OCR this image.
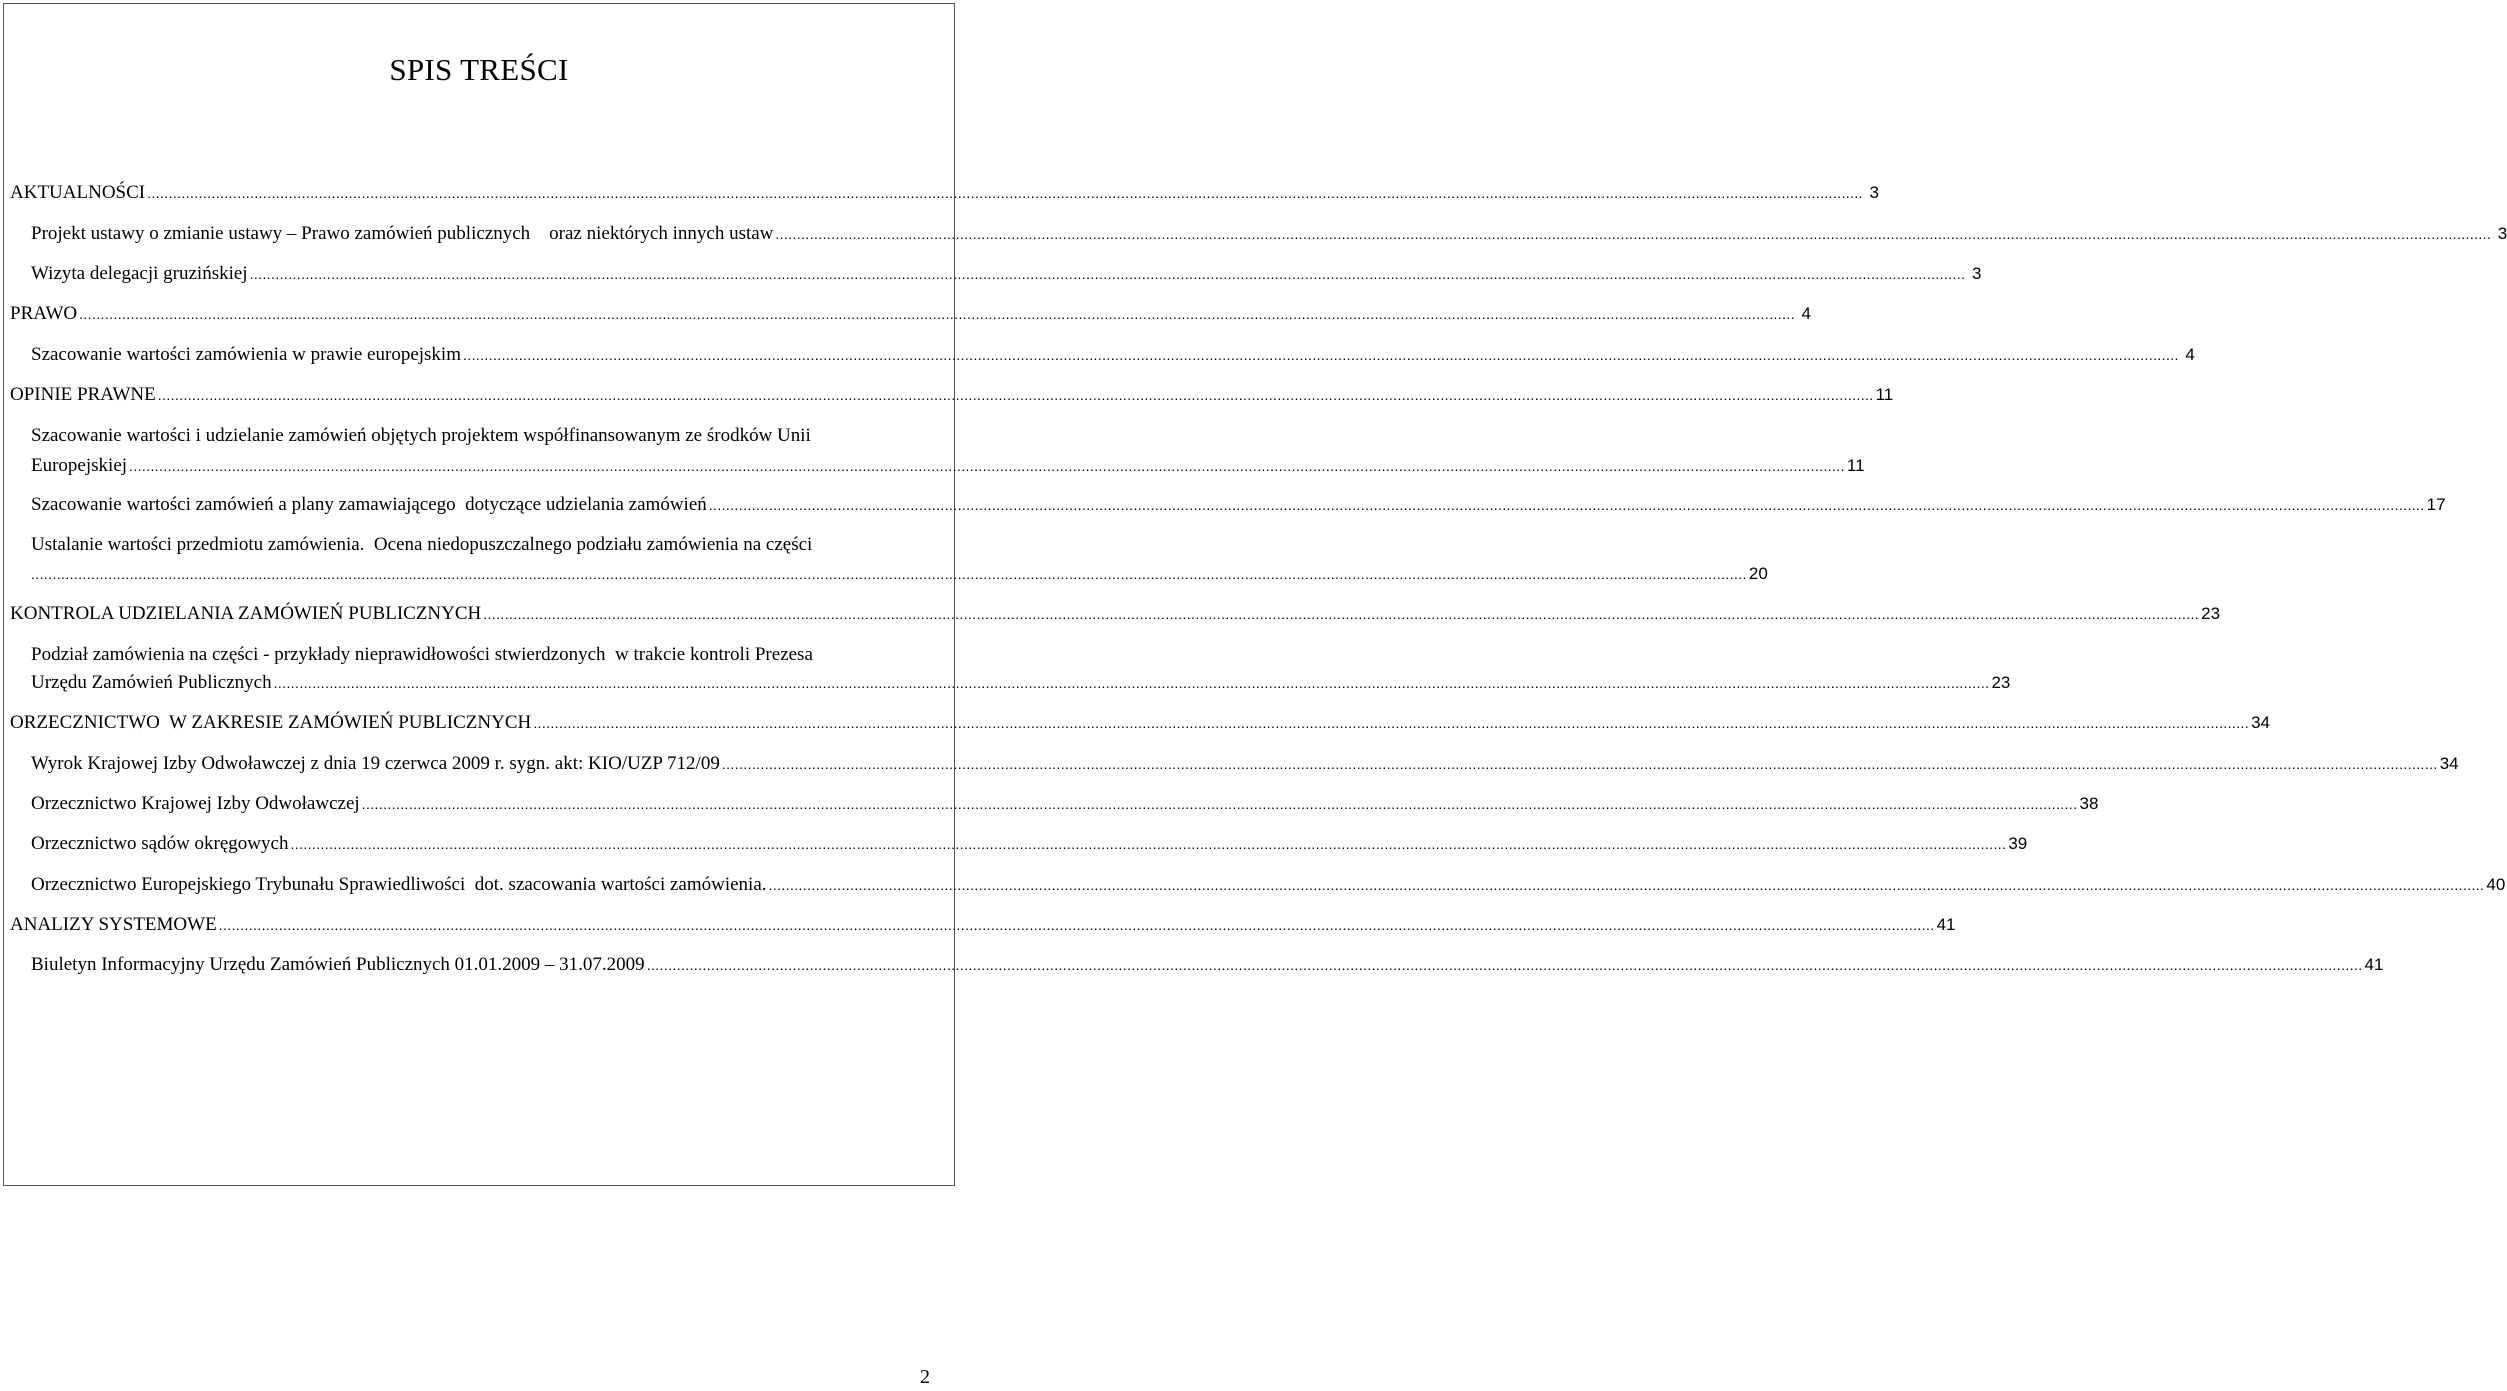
SPIS TREŚCI
AKTUALNOŚCI ................................................................................................................................................................................................................................................................................................................................................................................................................ 3
Projekt ustawy o zmianie ustawy – Prawo zamówień publicznych    oraz niektórych innych ustaw ................................................................................................................................................................................................................................................................................................................................................................................................................ 3
Wizyta delegacji gruzińskiej ................................................................................................................................................................................................................................................................................................................................................................................................................ 3
PRAWO ................................................................................................................................................................................................................................................................................................................................................................................................................ 4
Szacowanie wartości zamówienia w prawie europejskim ................................................................................................................................................................................................................................................................................................................................................................................................................ 4
OPINIE PRAWNE ................................................................................................................................................................................................................................................................................................................................................................................................................ 11
Szacowanie wartości i udzielanie zamówień objętych projektem współfinansowanym ze środków Unii
Europejskiej ................................................................................................................................................................................................................................................................................................................................................................................................................ 11
Szacowanie wartości zamówień a plany zamawiającego  dotyczące udzielania zamówień ................................................................................................................................................................................................................................................................................................................................................................................................................ 17
Ustalanie wartości przedmiotu zamówienia.  Ocena niedopuszczalnego podziału zamówienia na części
................................................................................................................................................................................................................................................................................................................................................................................................................ 20
KONTROLA UDZIELANIA ZAMÓWIEŃ PUBLICZNYCH ................................................................................................................................................................................................................................................................................................................................................................................................................ 23
Podział zamówienia na części - przykłady nieprawidłowości stwierdzonych  w trakcie kontroli Prezesa
Urzędu Zamówień Publicznych ................................................................................................................................................................................................................................................................................................................................................................................................................ 23
ORZECZNICTWO  W ZAKRESIE ZAMÓWIEŃ PUBLICZNYCH ................................................................................................................................................................................................................................................................................................................................................................................................................ 34
Wyrok Krajowej Izby Odwoławczej z dnia 19 czerwca 2009 r. sygn. akt: KIO/UZP 712/09 ................................................................................................................................................................................................................................................................................................................................................................................................................ 34
Orzecznictwo Krajowej Izby Odwoławczej ................................................................................................................................................................................................................................................................................................................................................................................................................ 38
Orzecznictwo sądów okręgowych ................................................................................................................................................................................................................................................................................................................................................................................................................ 39
Orzecznictwo Europejskiego Trybunału Sprawiedliwości  dot. szacowania wartości zamówienia. ................................................................................................................................................................................................................................................................................................................................................................................................................ 40
ANALIZY SYSTEMOWE ................................................................................................................................................................................................................................................................................................................................................................................................................ 41
Biuletyn Informacyjny Urzędu Zamówień Publicznych 01.01.2009 – 31.07.2009 ................................................................................................................................................................................................................................................................................................................................................................................................................ 41
2
